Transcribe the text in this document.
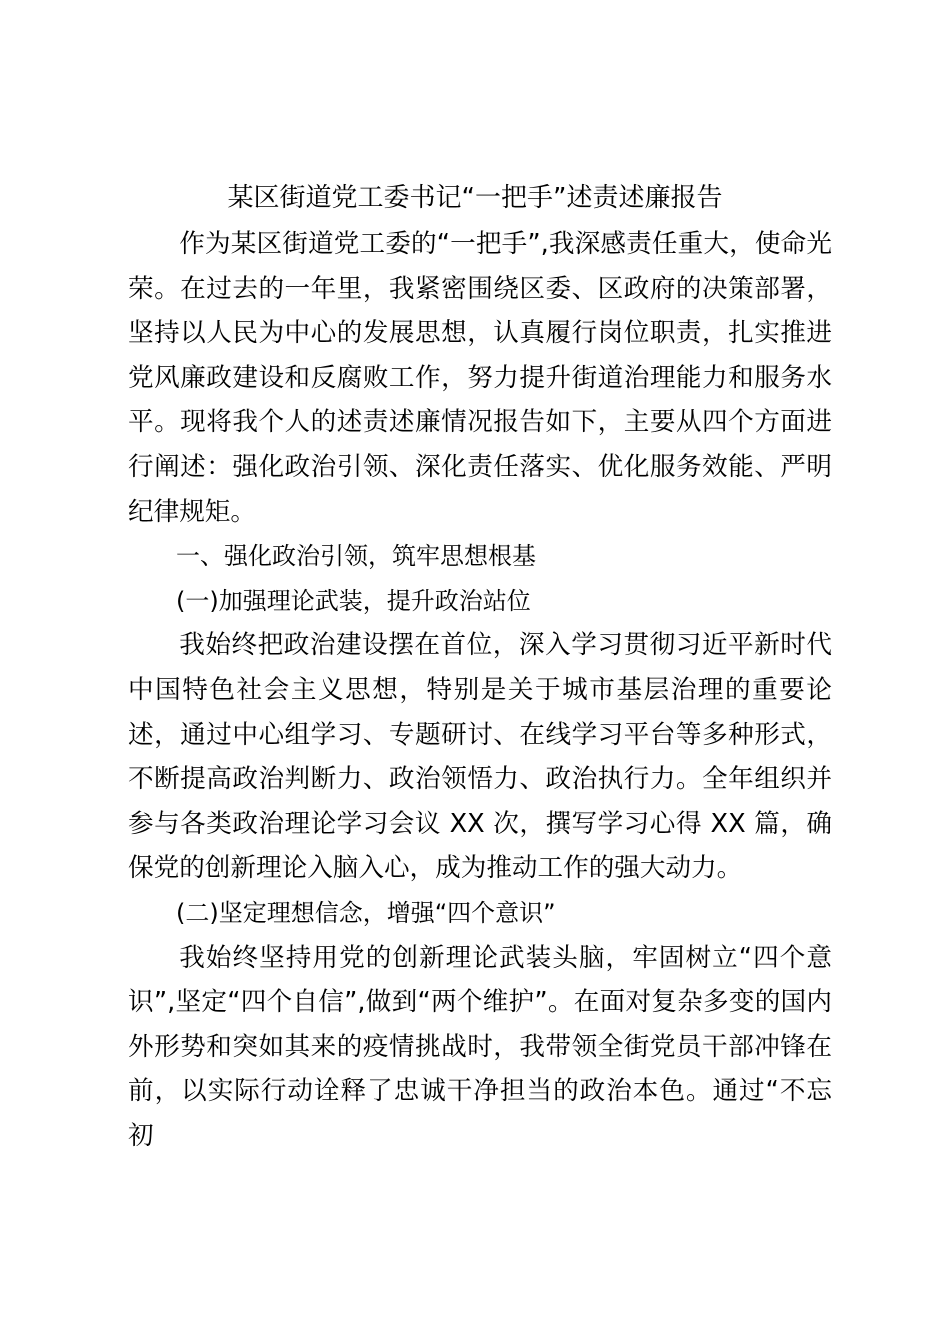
某区街道党工委书记“一把手”述责述廉报告

作为某区街道党工委的“一把手”,我深感责任重大，使命光荣。在过去的一年里，我紧密围绕区委、区政府的决策部署，坚持以人民为中心的发展思想，认真履行岗位职责，扎实推进党风廉政建设和反腐败工作，努力提升街道治理能力和服务水平。现将我个人的述责述廉情况报告如下，主要从四个方面进行阐述：强化政治引领、深化责任落实、优化服务效能、严明纪律规矩。

一、强化政治引领，筑牢思想根基

(一)加强理论武装，提升政治站位

我始终把政治建设摆在首位，深入学习贯彻习近平新时代中国特色社会主义思想，特别是关于城市基层治理的重要论述，通过中心组学习、专题研讨、在线学习平台等多种形式，不断提高政治判断力、政治领悟力、政治执行力。全年组织并参与各类政治理论学习会议 XX 次，撰写学习心得 XX 篇，确保党的创新理论入脑入心，成为推动工作的强大动力。

(二)坚定理想信念，增强“四个意识”

我始终坚持用党的创新理论武装头脑，牢固树立“四个意识”,坚定“四个自信”,做到“两个维护”。在面对复杂多变的国内外形势和突如其来的疫情挑战时，我带领全街党员干部冲锋在前，以实际行动诠释了忠诚干净担当的政治本色。通过“不忘初
